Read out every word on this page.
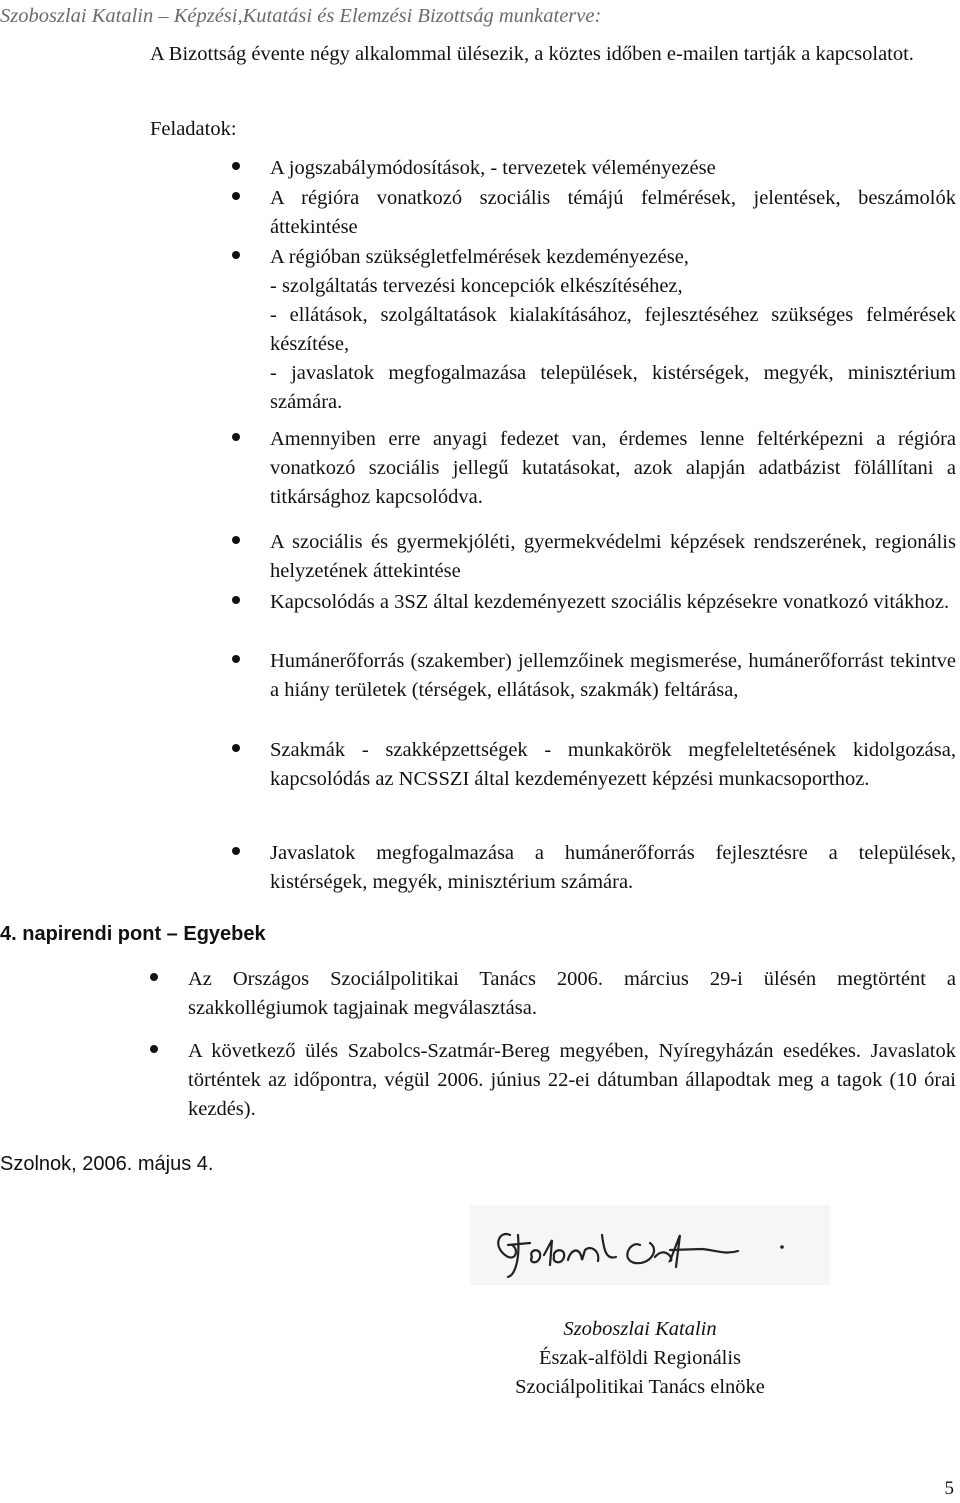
Szoboszlai Katalin – Képzési,Kutatási és Elemzési Bizottság munkaterve:
A Bizottság évente négy alkalommal ülésezik, a köztes időben e-mailen tartják a kapcsolatot.
Feladatok:
A jogszabálymódosítások, - tervezetek véleményezése
A régióra vonatkozó szociális témájú felmérések, jelentések, beszámolók áttekintése
A régióban szükségletfelmérések kezdeményezése,
- szolgáltatás tervezési koncepciók elkészítéséhez,
- ellátások, szolgáltatások kialakításához, fejlesztéséhez szükséges felmérések készítése,
- javaslatok megfogalmazása települések, kistérségek, megyék, minisztérium számára.
Amennyiben erre anyagi fedezet van, érdemes lenne feltérképezni a régióra vonatkozó szociális jellegű kutatásokat, azok alapján adatbázist fölállítani a titkársághoz kapcsolódva.
A szociális és gyermekjóléti, gyermekvédelmi képzések rendszerének, regionális helyzetének áttekintése
Kapcsolódás a 3SZ által kezdeményezett szociális képzésekre vonatkozó vitákhoz.
Humánerőforrás (szakember) jellemzőinek megismerése, humánerőforrást tekintve a hiány területek (térségek, ellátások, szakmák) feltárása,
Szakmák - szakképzettségek - munkakörök megfeleltetésének kidolgozása, kapcsolódás az NCSSZI által kezdeményezett képzési munkacsoporthoz.
Javaslatok megfogalmazása a humánerőforrás fejlesztésre a települések, kistérségek, megyék, minisztérium számára.
4. napirendi pont – Egyebek
Az Országos Szociálpolitikai Tanács 2006. március 29-i ülésén megtörtént a szakkollégiumok tagjainak megválasztása.
A következő ülés Szabolcs-Szatmár-Bereg megyében, Nyíregyházán esedékes. Javaslatok történtek az időpontra, végül 2006. június 22-ei dátumban állapodtak meg a tagok (10 órai kezdés).
Szolnok, 2006. május 4.
Szoboszlai Kat
Szoboszlai Katalin
Észak-alföldi Regionális
Szociálpolitikai Tanács elnöke
5
